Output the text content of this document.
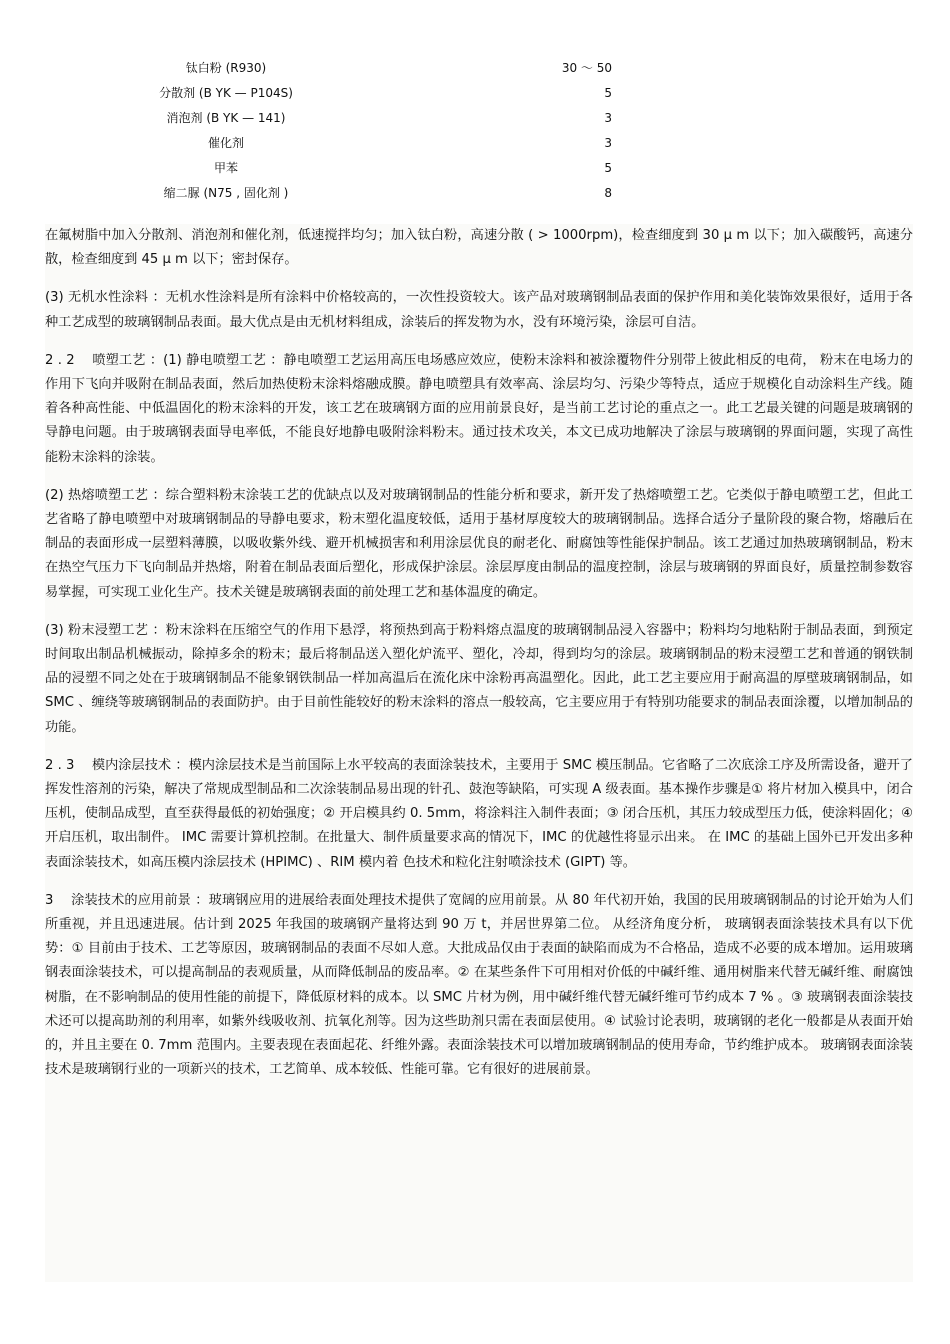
钛白粉 (R930)	30 ～ 50
分散剂 (B YK — P104S)	5
消泡剂 (B YK — 141)	3
催化剂	3
甲苯	5
缩二脲 (N75 , 固化剂 )	8

在氟树脂中加入分散剂、消泡剂和催化剂，低速搅拌均匀；加入钛白粉，高速分散 ( > 1000rpm)，检查细度到 30 μ m 以下；加入碳酸钙，高速分散，检查细度到 45 μ m 以下；密封保存。

(3) 无机水性涂料 ：无机水性涂料是所有涂料中价格较高的，一次性投资较大。该产品对玻璃钢制品表面的保护作用和美化装饰效果很好，适用于各种工艺成型的玻璃钢制品表面。最大优点是由无机材料组成，涂装后的挥发物为水，没有环境污染，涂层可自洁。

2 . 2　 喷塑工艺 ：(1) 静电喷塑工艺 ：静电喷塑工艺运用高压电场感应效应，使粉末涂料和被涂覆物件分别带上彼此相反的电荷， 粉末在电场力的作用下飞向并吸附在制品表面，然后加热使粉末涂料熔融成膜。静电喷塑具有效率高、涂层均匀、污染少等特点，适应于规模化自动涂料生产线。随着各种高性能、中低温固化的粉末涂料的开发，该工艺在玻璃钢方面的应用前景良好，是当前工艺讨论的重点之一。此工艺最关键的问题是玻璃钢的导静电问题。由于玻璃钢表面导电率低，不能良好地静电吸附涂料粉末。通过技术攻关，本文已成功地解决了涂层与玻璃钢的界面问题，实现了高性 能粉末涂料的涂装。

(2) 热熔喷塑工艺 ：综合塑料粉末涂装工艺的优缺点以及对玻璃钢制品的性能分析和要求，新开发了热熔喷塑工艺。它类似于静电喷塑工艺，但此工艺省略了静电喷塑中对玻璃钢制品的导静电要求，粉末塑化温度较低，适用于基材厚度较大的玻璃钢制品。选择合适分子量阶段的聚合物，熔融后在制品的表面形成一层塑料薄膜，以吸收紫外线、避开机械损害和利用涂层优良的耐老化、耐腐蚀等性能保护制品。该工艺通过加热玻璃钢制品，粉末在热空气压力下飞向制品并热熔，附着在制品表面后塑化，形成保护涂层。涂层厚度由制品的温度控制，涂层与玻璃钢的界面良好，质量控制参数容易掌握，可实现工业化生产。技术关键是玻璃钢表面的前处理工艺和基体温度的确定。

(3) 粉末浸塑工艺 ：粉末涂料在压缩空气的作用下悬浮，将预热到高于粉料熔点温度的玻璃钢制品浸入容器中；粉料均匀地粘附于制品表面，到预定时间取出制品机械振动，除掉多余的粉末；最后将制品送入塑化炉流平、塑化，冷却，得到均匀的涂层。玻璃钢制品的粉末浸塑工艺和普通的钢铁制品的浸塑不同之处在于玻璃钢制品不能象钢铁制品一样加高温后在流化床中涂粉再高温塑化。因此，此工艺主要应用于耐高温的厚壁玻璃钢制品，如 SMC 、缠绕等玻璃钢制品的表面防护。由于目前性能较好的粉末涂料的溶点一般较高，它主要应用于有特别功能要求的制品表面涂覆，以增加制品的功能。

2 . 3　 模内涂层技术 ：模内涂层技术是当前国际上水平较高的表面涂装技术，主要用于 SMC 模压制品。它省略了二次底涂工序及所需设备，避开了挥发性溶剂的污染，解决了常规成型制品和二次涂装制品易出现的针孔、鼓泡等缺陷，可实现 A 级表面。基本操作步骤是① 将片材加入模具中，闭合压机，使制品成型，直至获得最低的初始强度；② 开启模具约 0. 5mm，将涂料注入制件表面；③ 闭合压机，其压力较成型压力低，使涂料固化；④ 开启压机，取出制件。 IMC 需要计算机控制。在批量大、制件质量要求高的情况下，IMC 的优越性将显示出来。 在 IMC 的基础上国外已开发出多种表面涂装技术，如高压模内涂层技术 (HPIMC) 、RIM 模内着 色技术和粒化注射喷涂技术 (GIPT) 等。

3　 涂装技术的应用前景 ：玻璃钢应用的进展给表面处理技术提供了宽阔的应用前景。从 80 年代初开始，我国的民用玻璃钢制品的讨论开始为人们所重视，并且迅速进展。估计到 2025 年我国的玻璃钢产量将达到 90 万 t，并居世界第二位。 从经济角度分析， 玻璃钢表面涂装技术具有以下优势：① 目前由于技术、工艺等原因，玻璃钢制品的表面不尽如人意。大批成品仅由于表面的缺陷而成为不合格品，造成不必要的成本增加。运用玻璃钢表面涂装技术，可以提高制品的表观质量，从而降低制品的废品率。② 在某些条件下可用相对价低的中碱纤维、通用树脂来代替无碱纤维、耐腐蚀树脂，在不影响制品的使用性能的前提下，降低原材料的成本。以 SMC 片材为例，用中碱纤维代替无碱纤维可节约成本 7 % 。③ 玻璃钢表面涂装技术还可以提高助剂的利用率，如紫外线吸收剂、抗氧化剂等。因为这些助剂只需在表面层使用。④ 试验讨论表明，玻璃钢的老化一般都是从表面开始的，并且主要在 0. 7mm 范围内。主要表现在表面起花、纤维外露。表面涂装技术可以增加玻璃钢制品的使用寿命，节约维护成本。 玻璃钢表面涂装技术是玻璃钢行业的一项新兴的技术，工艺简单、成本较低、性能可靠。它有很好的进展前景。
